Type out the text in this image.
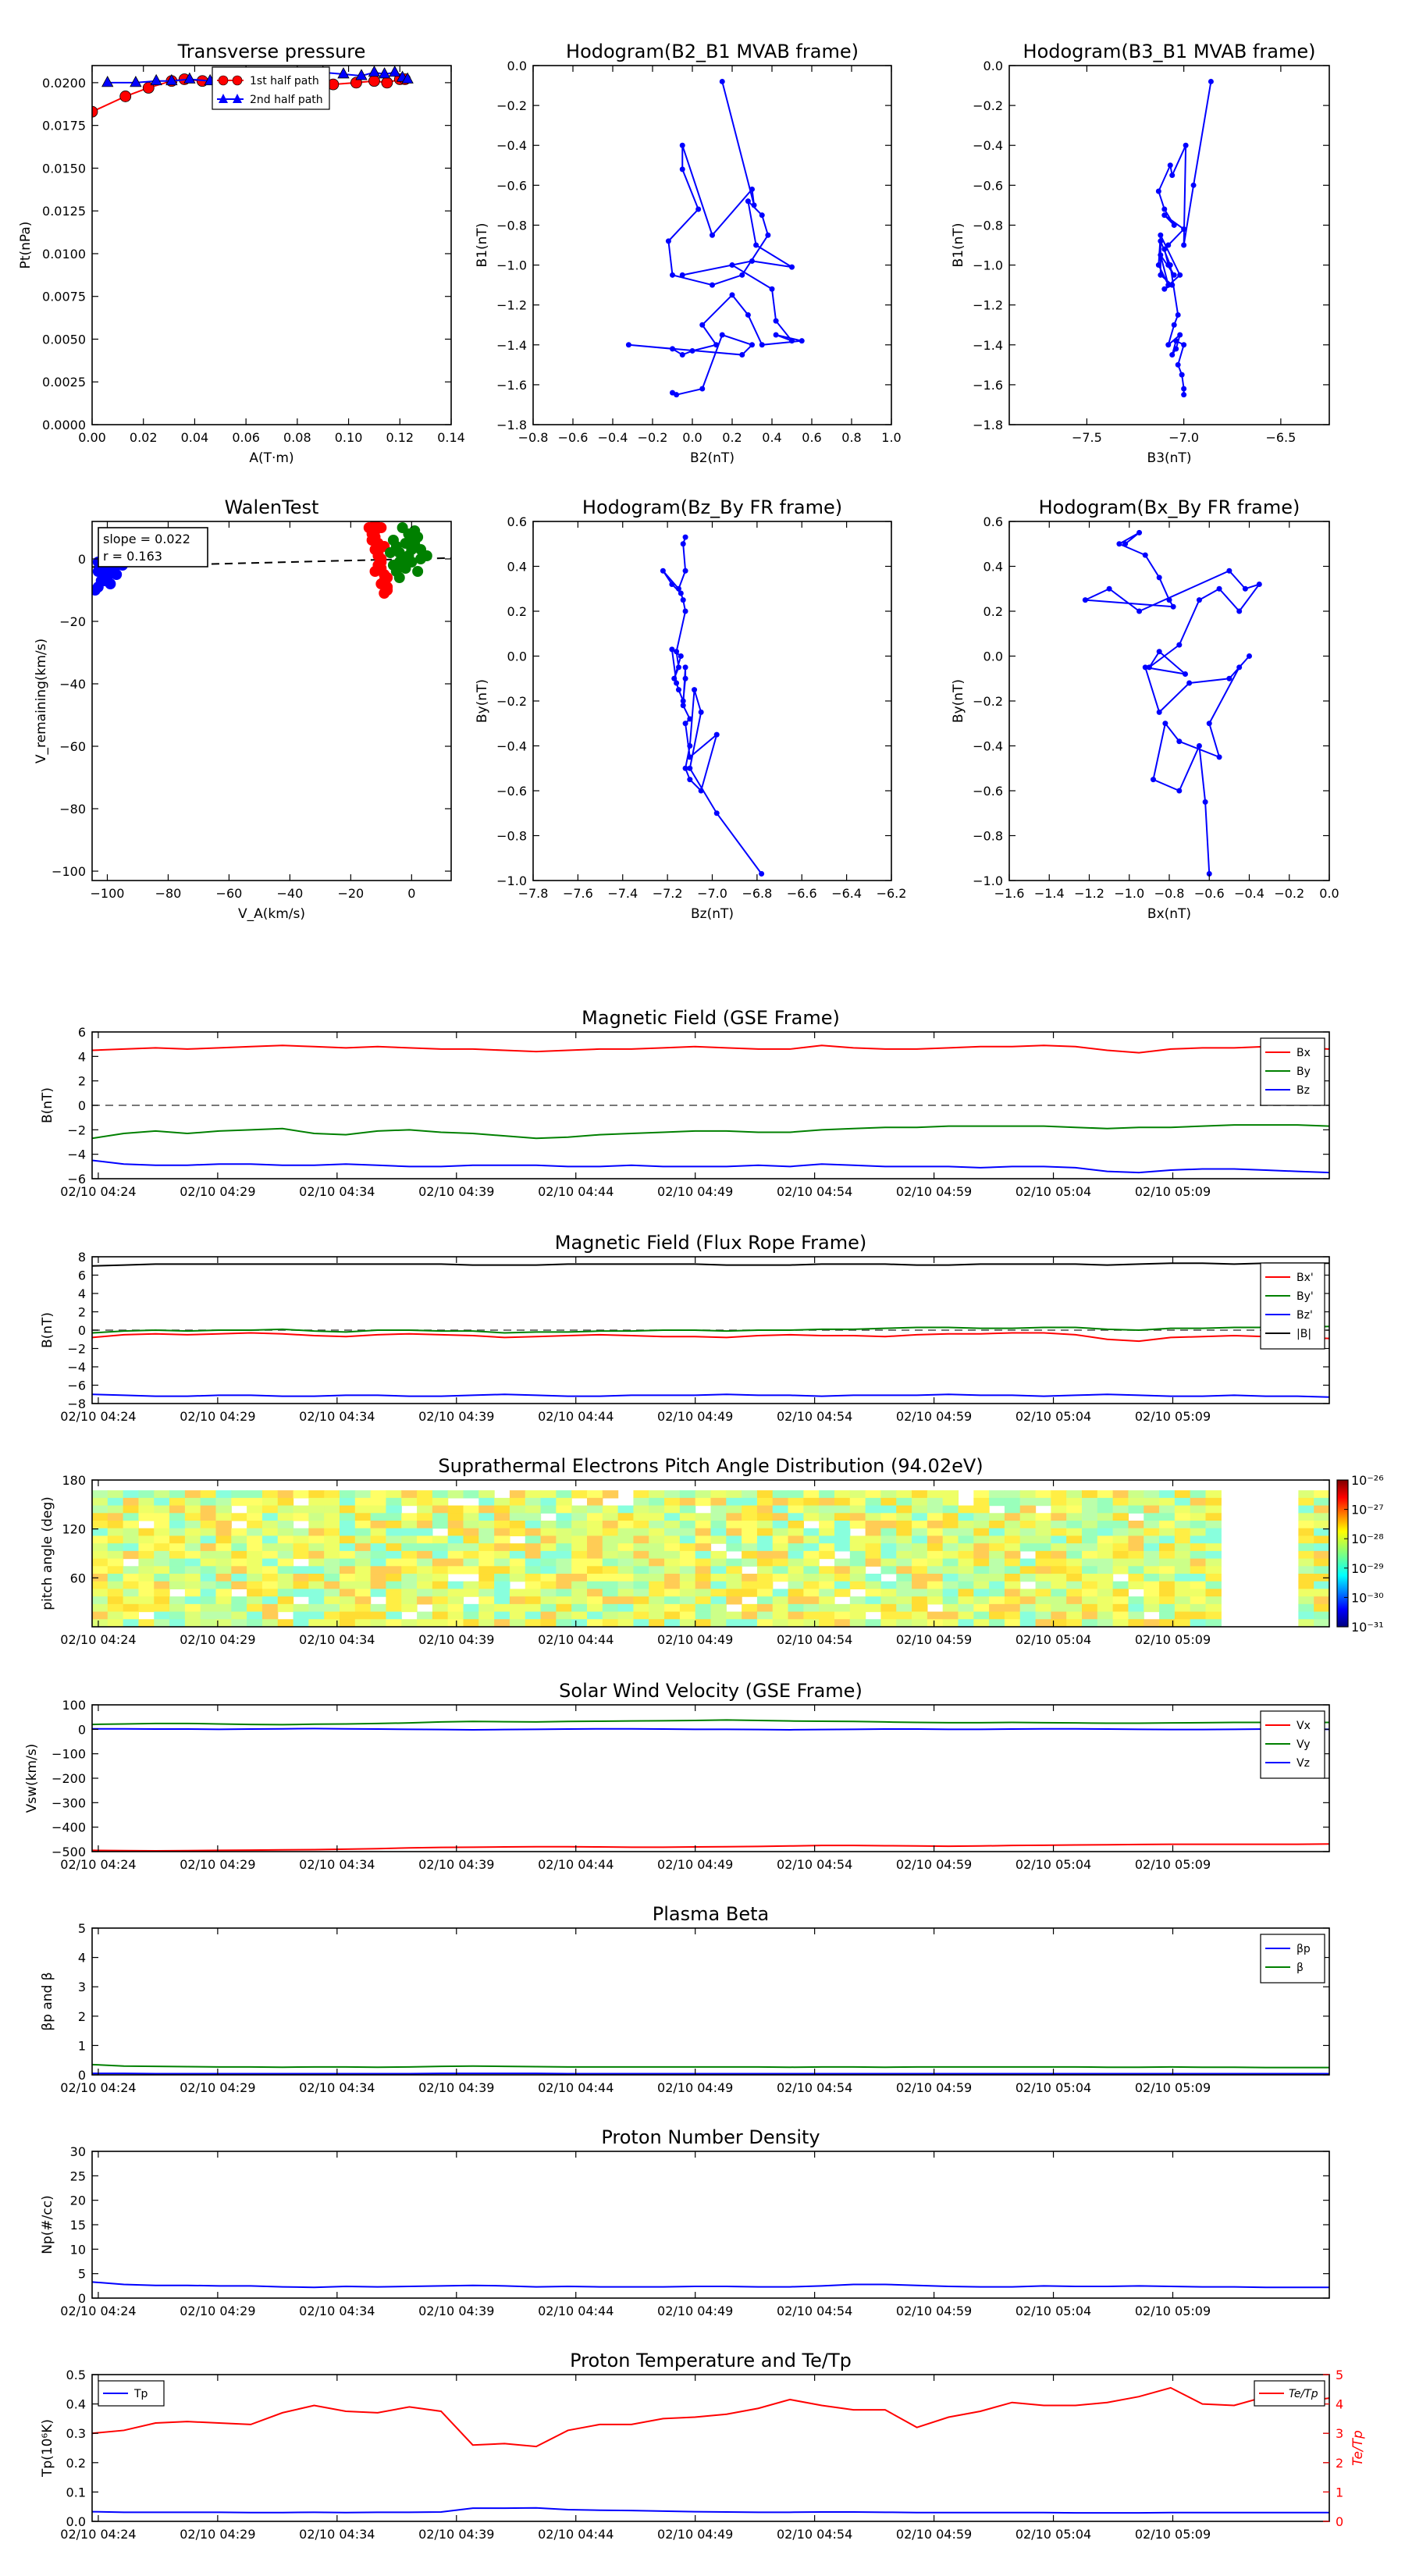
Transverse pressure
0.00 0.02 0.04 0.06 0.08 0.10 0.12 0.14
0.0000
0.0025
0.0050
0.0075
0.0100
0.0125
0.0150
0.0175
0.0200
A(T·m)
Pt(nPa)
1st half path
2nd half path
Hodogram(B2_B1 MVAB frame)
−0.8 −0.6 −0.4 −0.2 0.0 0.2 0.4 0.6 0.8 1.0
−1.8
−1.6
−1.4
−1.2
−1.0
−0.8
−0.6
−0.4
−0.2
0.0
B2(nT)
B1(nT)
Hodogram(B3_B1 MVAB frame)
−7.5	−7.0	−6.5
−1.8
−1.6
−1.4
−1.2
−1.0
−0.8
−0.6
−0.4
−0.2
0.0
B3(nT)
B1(nT)
WalenTest
−100 −80	−60	−40	−20	0
−100
−80
−60
−40
−20
0
V_A(km/s)
V_remaining(km/s)
slope = 0.022
r = 0.163
Hodogram(Bz_By FR frame)
−7.8 −7.6 −7.4 −7.2 −7.0 −6.8 −6.6 −6.4 −6.2
−1.0
−0.8
−0.6
−0.4
−0.2
0.0
0.2
0.4
0.6
Bz(nT)
By(nT)
Hodogram(Bx_By FR frame)
−1.6 −1.4 −1.2 −1.0 −0.8 −0.6 −0.4 −0.2 0.0
−1.0
−0.8
−0.6
−0.4
−0.2
0.0
0.2
0.4
0.6
Bx(nT)
By(nT)
Magnetic Field (GSE Frame)
−6
−4
−2
0
2
4
6
02/10 04:24	02/10 04:29	02/10 04:34	02/10 04:39	02/10 04:44	02/10 04:49	02/10 04:54	02/10 04:59	02/10 05:04	02/10 05:09
B(nT)
Bx
By
Bz
Magnetic Field (Flux Rope Frame)
−8
−6
−4
−2
0
2
4
6
8
02/10 04:24	02/10 04:29	02/10 04:34	02/10 04:39	02/10 04:44	02/10 04:49	02/10 04:54	02/10 04:59	02/10 05:04	02/10 05:09
B(nT)
Bx'
By'
Bz'
|B|
Solar Wind Velocity (GSE Frame)
−500
−400
−300
−200
−100
0
100
02/10 04:24	02/10 04:29	02/10 04:34	02/10 04:39	02/10 04:44	02/10 04:49	02/10 04:54	02/10 04:59	02/10 05:04	02/10 05:09
Vsw(km/s)
Vx
Vy
Vz
Plasma Beta
0
1
2
3
4
5
02/10 04:24	02/10 04:29	02/10 04:34	02/10 04:39	02/10 04:44	02/10 04:49	02/10 04:54	02/10 04:59	02/10 05:04	02/10 05:09
βp and β
βp
β
Proton Number Density
0
5
10
15
20
25
30
02/10 04:24	02/10 04:29	02/10 04:34	02/10 04:39	02/10 04:44	02/10 04:49	02/10 04:54	02/10 04:59	02/10 05:04	02/10 05:09
Np(#/cc)
Proton Temperature and Te/Tp
0.0
0.1
0.2
0.3
0.4
0.5
02/10 04:24	02/10 04:29	02/10 04:34	02/10 04:39	02/10 04:44	02/10 04:49	02/10 04:54	02/10 04:59	02/10 05:04	02/10 05:09
Tp(10⁶K)
0
1
2
3
4
5
Te/Tp
Tp	Te/Tp
Suprathermal Electrons Pitch Angle Distribution (94.02eV)
60
120
180
02/10 04:24	02/10 04:29	02/10 04:34	02/10 04:39	02/10 04:44	02/10 04:49	02/10 04:54	02/10 04:59	02/10 05:04	02/10 05:09
pitch angle (deg)
10⁻²⁶
10⁻²⁷
10⁻²⁸
10⁻²⁹
10⁻³⁰
10⁻³¹
